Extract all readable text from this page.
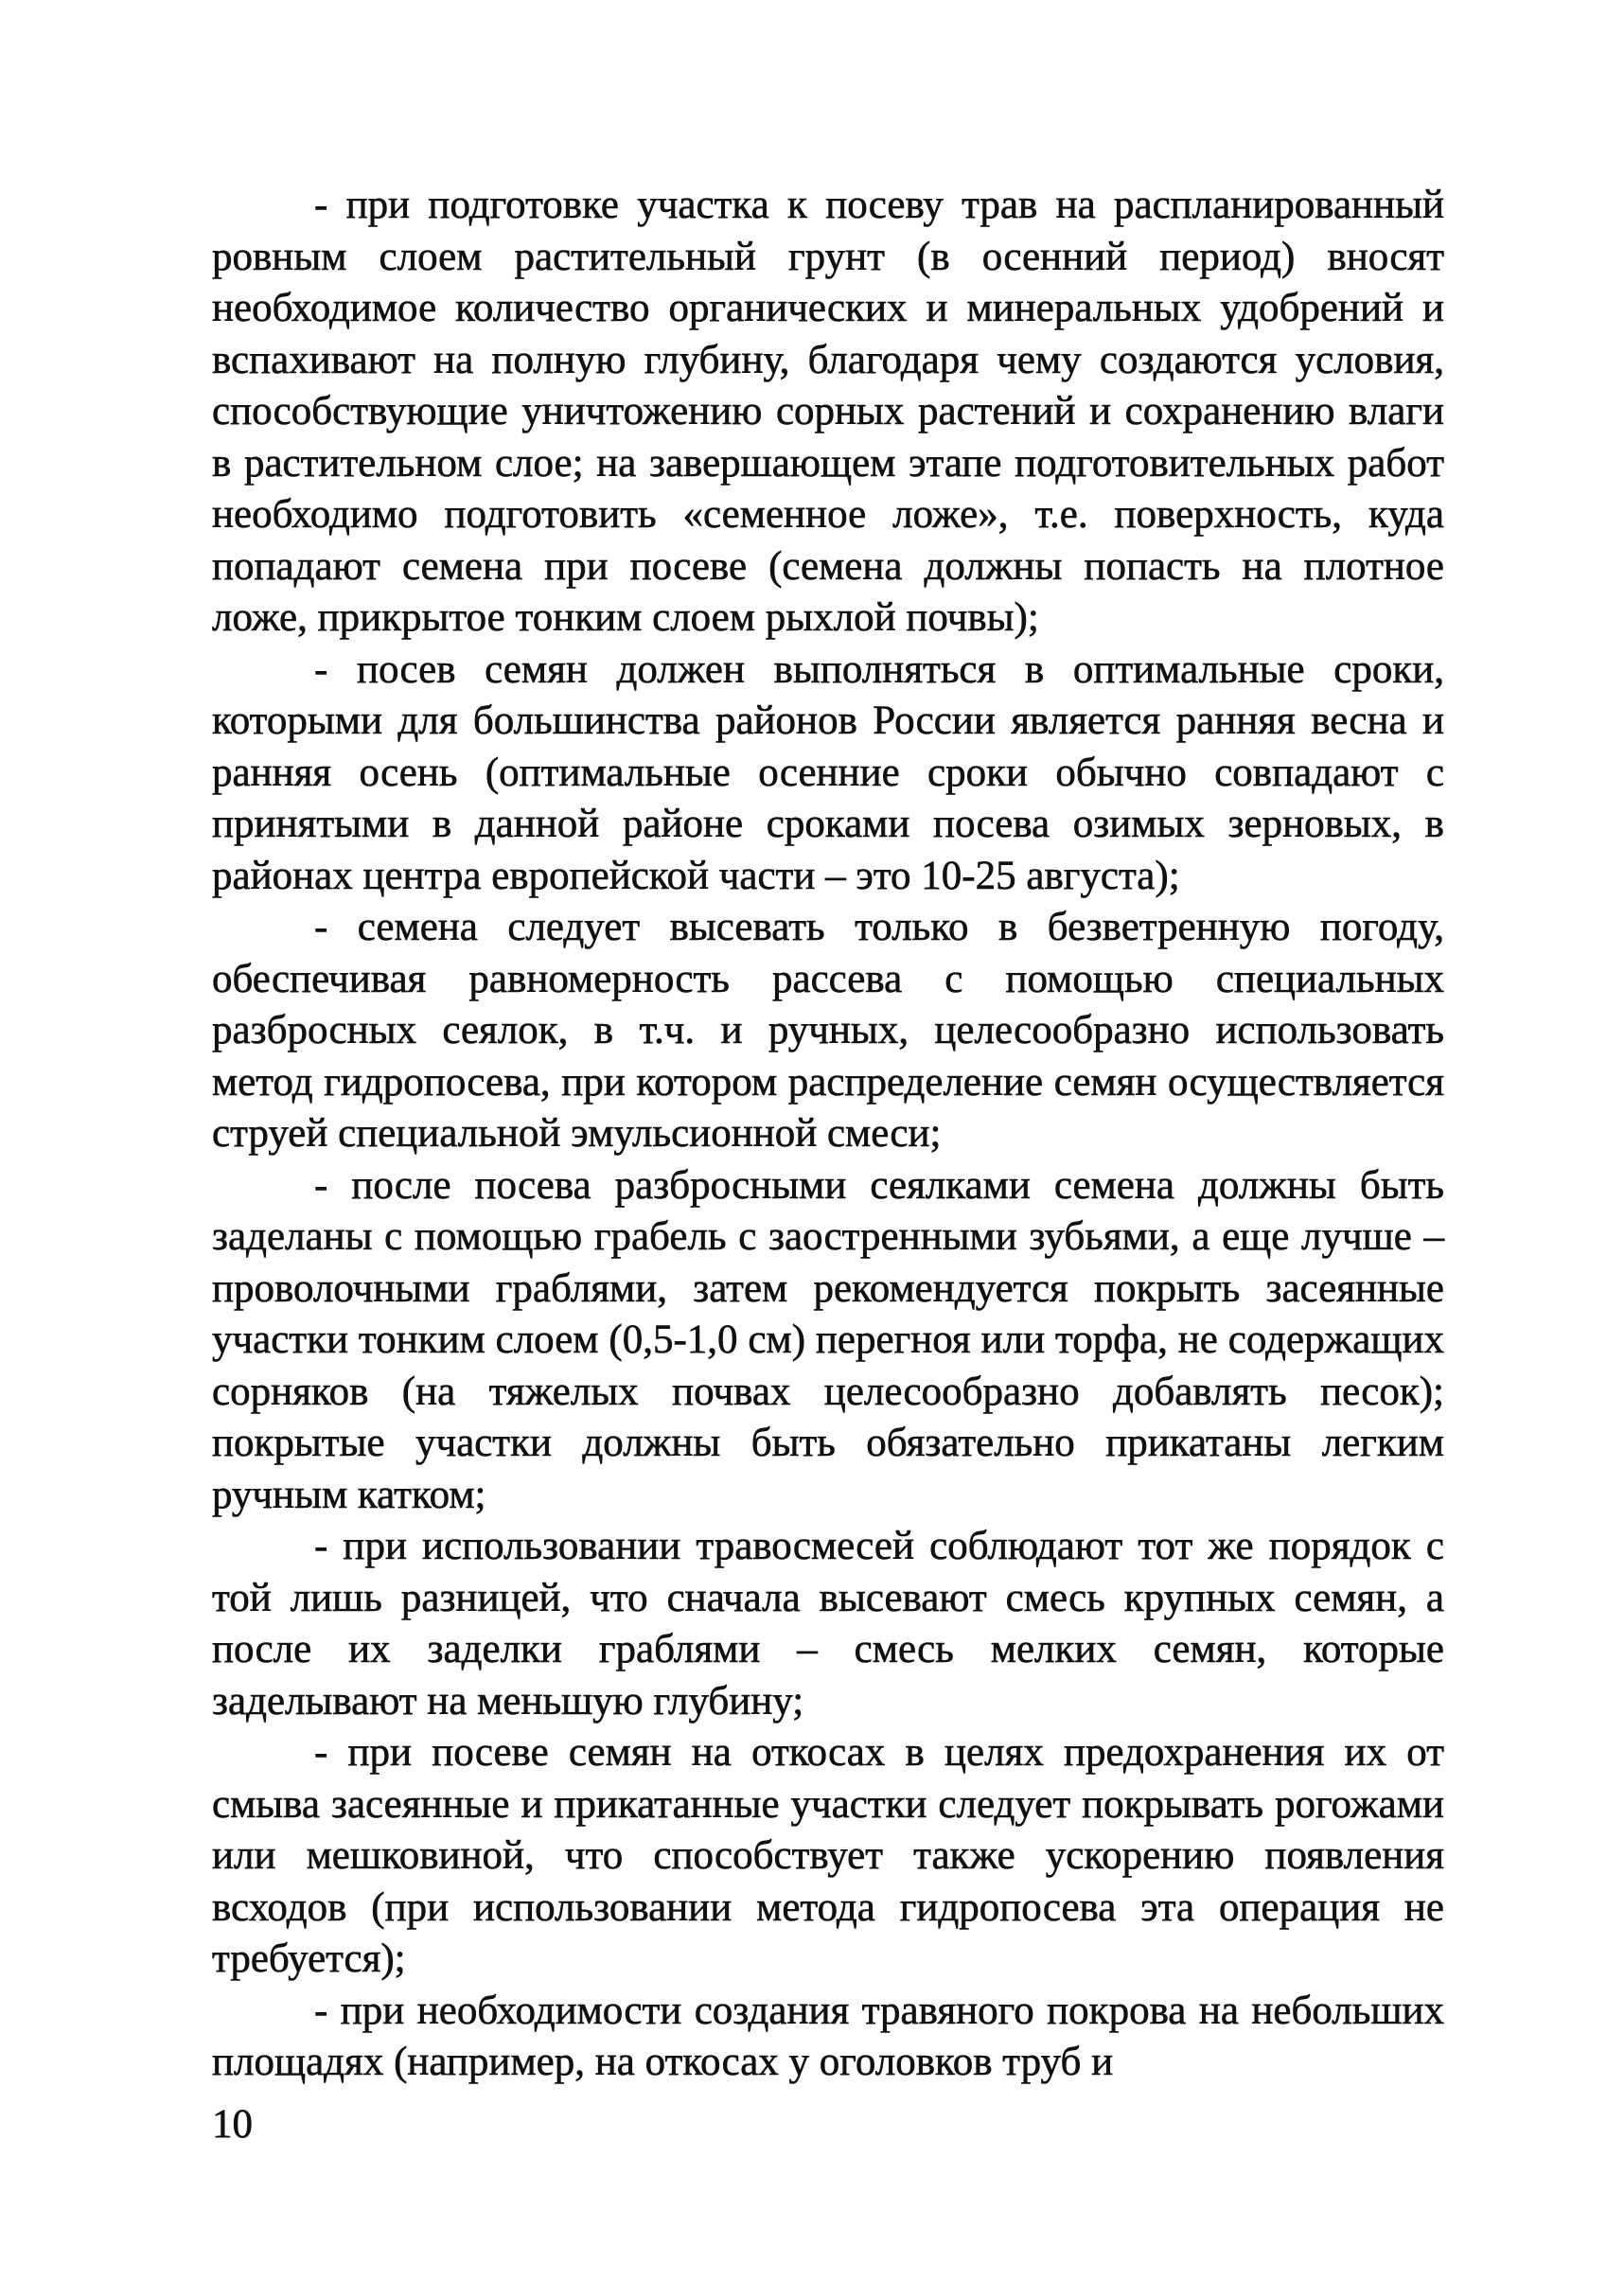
- при подготовке участка к посеву трав на распланированный ровным слоем растительный грунт (в осенний период) вносят необходимое количество органических и минеральных удобрений и вспахивают на полную глубину, благодаря чему создаются условия, способствующие уничтожению сорных растений и сохранению влаги в растительном слое; на завершающем этапе подготовительных работ необходимо подготовить «семенное ложе», т.е. поверхность, куда попадают семена при посеве (семена должны попасть на плотное ложе, прикрытое тонким слоем рыхлой почвы);

- посев семян должен выполняться в оптимальные сроки, которыми для большинства районов России является ранняя весна и ранняя осень (оптимальные осенние сроки обычно совпадают с принятыми в данной районе сроками посева озимых зерновых, в районах центра европейской части – это 10-25 августа);

- семена следует высевать только в безветренную погоду, обеспечивая равномерность рассева с помощью специальных разбросных сеялок, в т.ч. и ручных, целесообразно использовать метод гидропосева, при котором распределение семян осуществляется струей специальной эмульсионной смеси;

- после посева разбросными сеялками семена должны быть заделаны с помощью грабель с заостренными зубьями, а еще лучше – проволочными граблями, затем рекомендуется покрыть засеянные участки тонким слоем (0,5-1,0 см) перегноя или торфа, не содержащих сорняков (на тяжелых почвах целесообразно добавлять песок); покрытые участки должны быть обязательно прикатаны легким ручным катком;

- при использовании травосмесей соблюдают тот же порядок с той лишь разницей, что сначала высевают смесь крупных семян, а после их заделки граблями – смесь мелких семян, которые заделывают на меньшую глубину;

- при посеве семян на откосах в целях предохранения их от смыва засеянные и прикатанные участки следует покрывать рогожами или мешковиной, что способствует также ускорению появления всходов (при использовании метода гидропосева эта операция не требуется);

- при необходимости создания травяного покрова на небольших площадях (например, на откосах у оголовков труб и

10
